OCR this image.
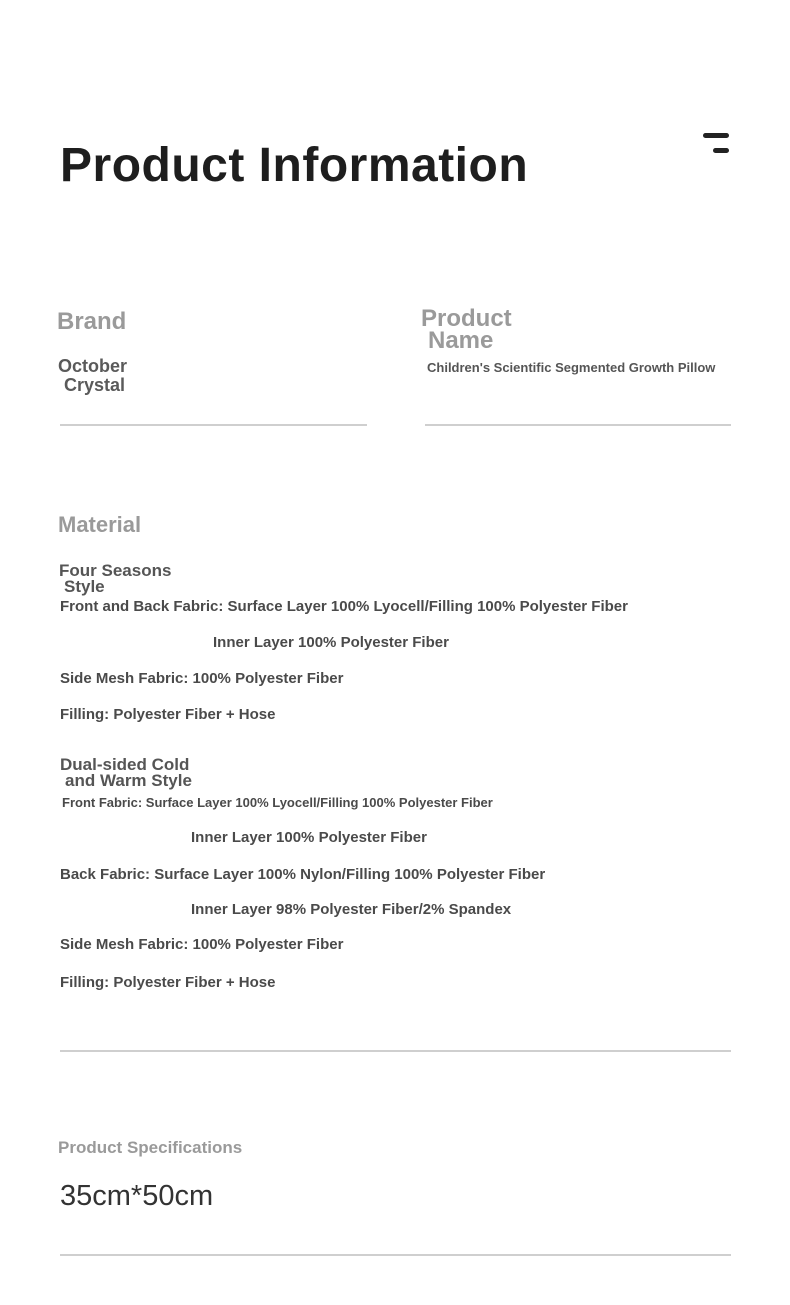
Product Information
Brand
October
Crystal
Product
Name
Children's Scientific Segmented Growth Pillow
Material
Four Seasons
Style
Front and Back Fabric: Surface Layer 100% Lyocell/Filling 100% Polyester Fiber
Inner Layer 100% Polyester Fiber
Side Mesh Fabric: 100% Polyester Fiber
Filling: Polyester Fiber + Hose
Dual-sided Cold
and Warm Style
Front Fabric: Surface Layer 100% Lyocell/Filling 100% Polyester Fiber
Inner Layer 100% Polyester Fiber
Back Fabric: Surface Layer 100% Nylon/Filling 100% Polyester Fiber
Inner Layer 98% Polyester Fiber/2% Spandex
Side Mesh Fabric: 100% Polyester Fiber
Filling: Polyester Fiber + Hose
Product Specifications
35cm*50cm
